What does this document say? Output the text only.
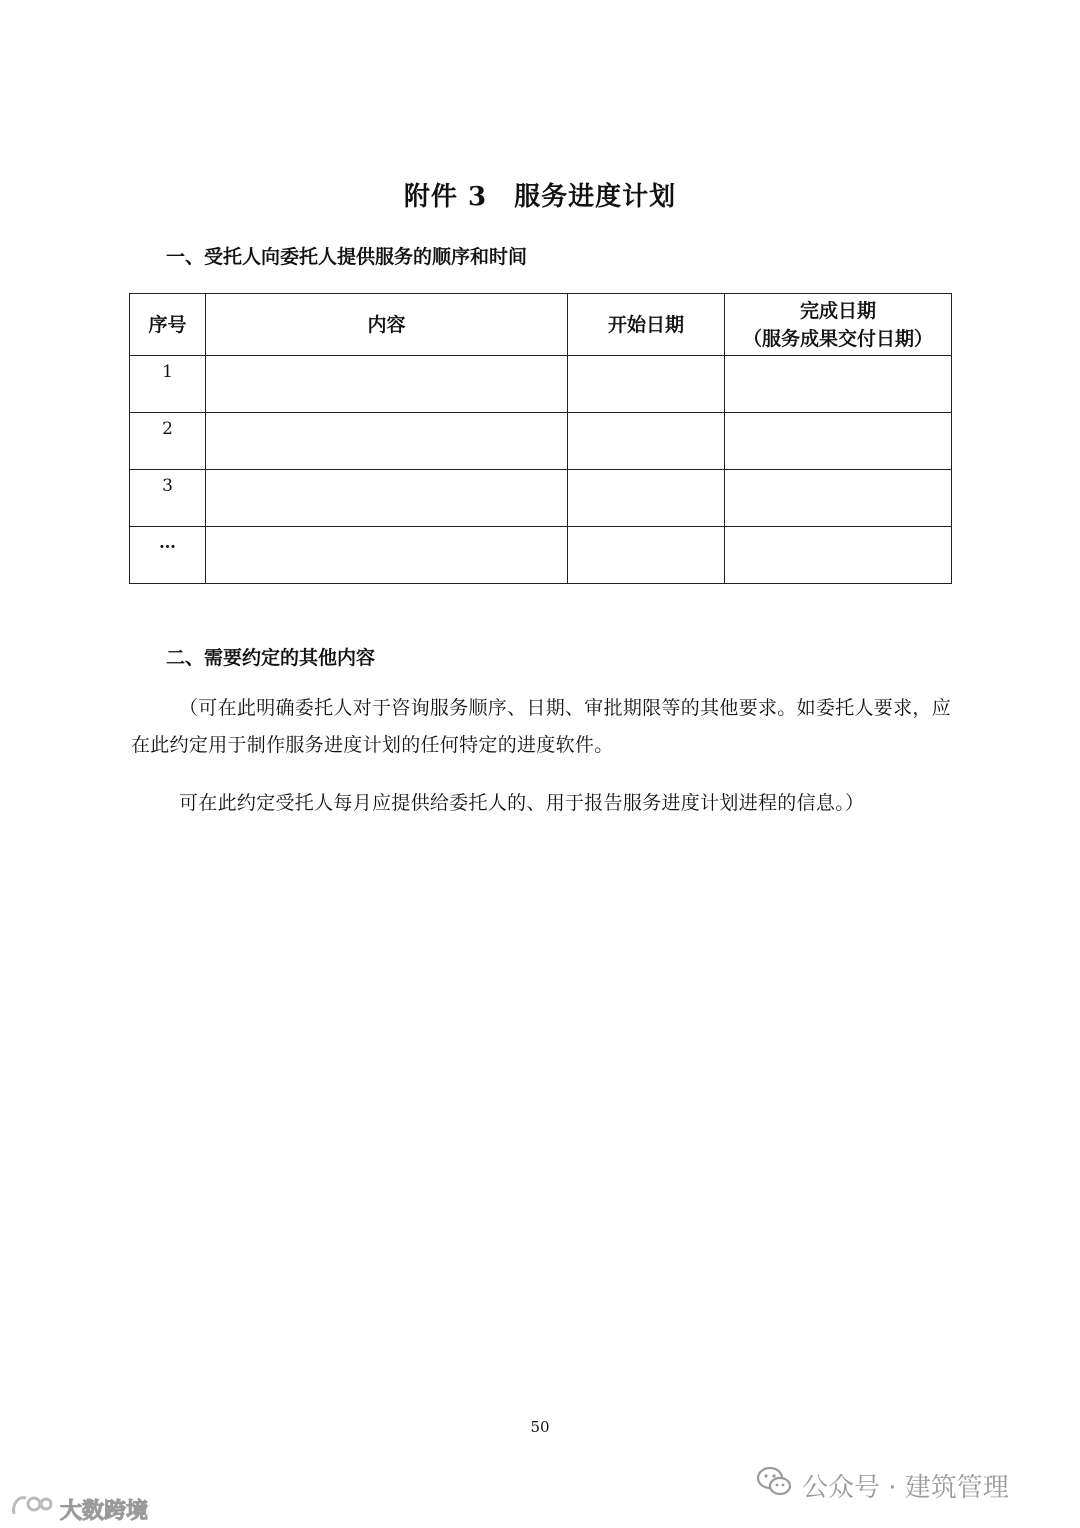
附件 3　服务进度计划
一、受托人向委托人提供服务的顺序和时间
序号	内容	开始日期	完成日期
（服务成果交付日期）

1			

2			

3			

…			

二、需要约定的其他内容
（可在此明确委托人对于咨询服务顺序、日期、审批期限等的其他要求。如委托人要求，应在此约定用于制作服务进度计划的任何特定的进度软件。
可在此约定受托人每月应提供给委托人的、用于报告服务进度计划进程的信息。）
50
公众号 · 建筑管理
大数跨境
